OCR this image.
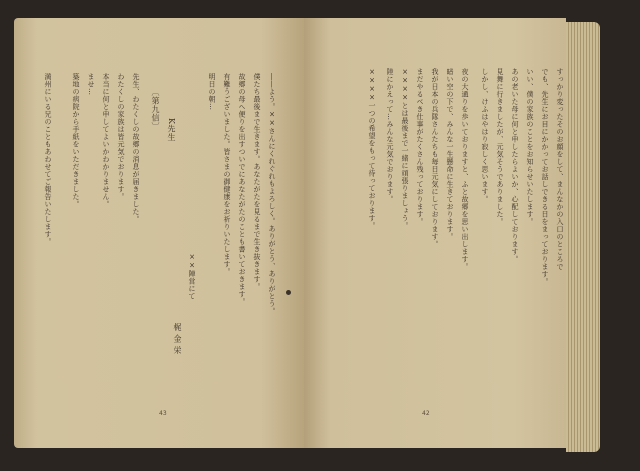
――よう。××さんにくれぐれもよろしく。ありがとう、ありがとう。
僕たち最後まで生きます。あなたがたを見るまで生き抜きます。
故郷の母へ便りを出すついでにあなたがたのことも書いておきます。
有難うございました。皆さまの御健康をお祈りいたします。
明日の朝…
××陣営にて
梶 金 栄
K先生
〔第九信〕
先生、わたくしの故郷の消息が届きました。
わたくしの家族は皆元気でおります。
本当に何と申してよいかわかりません。
ませ…
築地の病院から手紙をいただきました。
満州にいる兄のこともあわせてご報告いたします。
43
すっかり変ったそのお顔をして、まんなかの入口のところで
でも、先生にお目にかかってお話しできる日をまっております。
いい、僕の家族のことをお知らせいたします。
あの老いた母に何と申したらよいか、心配しております。
見舞に行きましたが、元気そうでありました。
しかし、けふはやはり寂しく思います。
夜の大通りを歩いておりますと、ふと故郷を思い出します。
暗い空の下で、みんな一生懸命に生きております。
我が日本の兵隊さんたちも毎日元気にしております。
まだやるべき仕事がたくさん残っております。
××××とは最後まで一緒に頑張りましょう。
陸にかえって…みんな元気でおります。
××××一つの希望をもって待っております。
42
